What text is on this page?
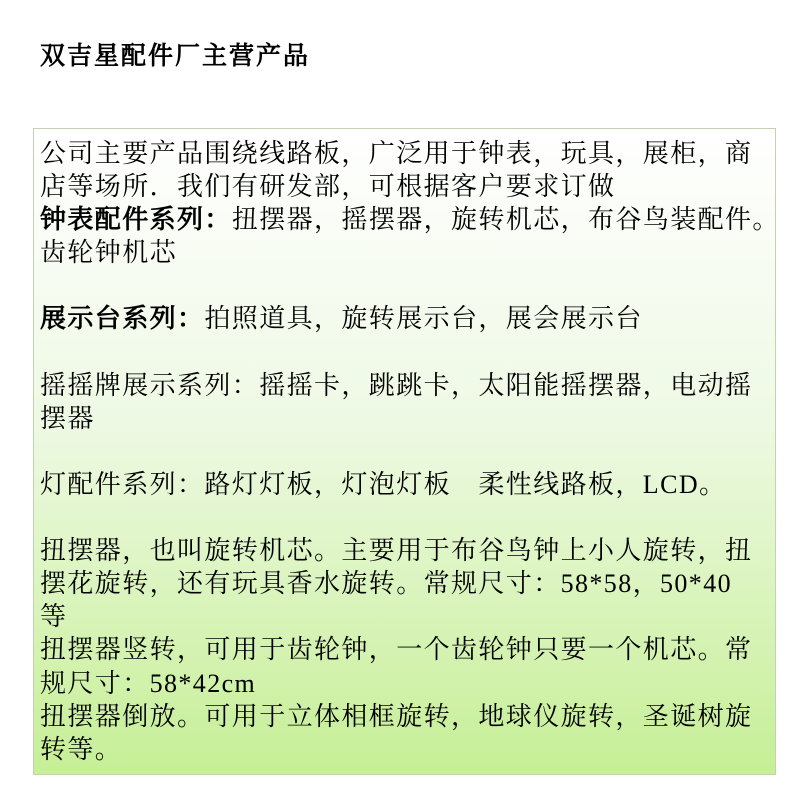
双吉星配件厂主营产品
公司主要产品围绕线路板，广泛用于钟表，玩具，展柜，商
店等场所．我们有研发部，可根据客户要求订做
钟表配件系列：扭摆器，摇摆器，旋转机芯，布谷鸟装配件。
齿轮钟机芯
展示台系列：拍照道具，旋转展示台，展会展示台
摇摇牌展示系列：摇摇卡，跳跳卡，太阳能摇摆器，电动摇
摆器
灯配件系列：路灯灯板，灯泡灯板　柔性线路板，LCD。
扭摆器，也叫旋转机芯。主要用于布谷鸟钟上小人旋转，扭
摆花旋转，还有玩具香水旋转。常规尺寸：58*58，50*40
等
扭摆器竖转，可用于齿轮钟，一个齿轮钟只要一个机芯。常
规尺寸：58*42cm
扭摆器倒放。可用于立体相框旋转，地球仪旋转，圣诞树旋
转等。
